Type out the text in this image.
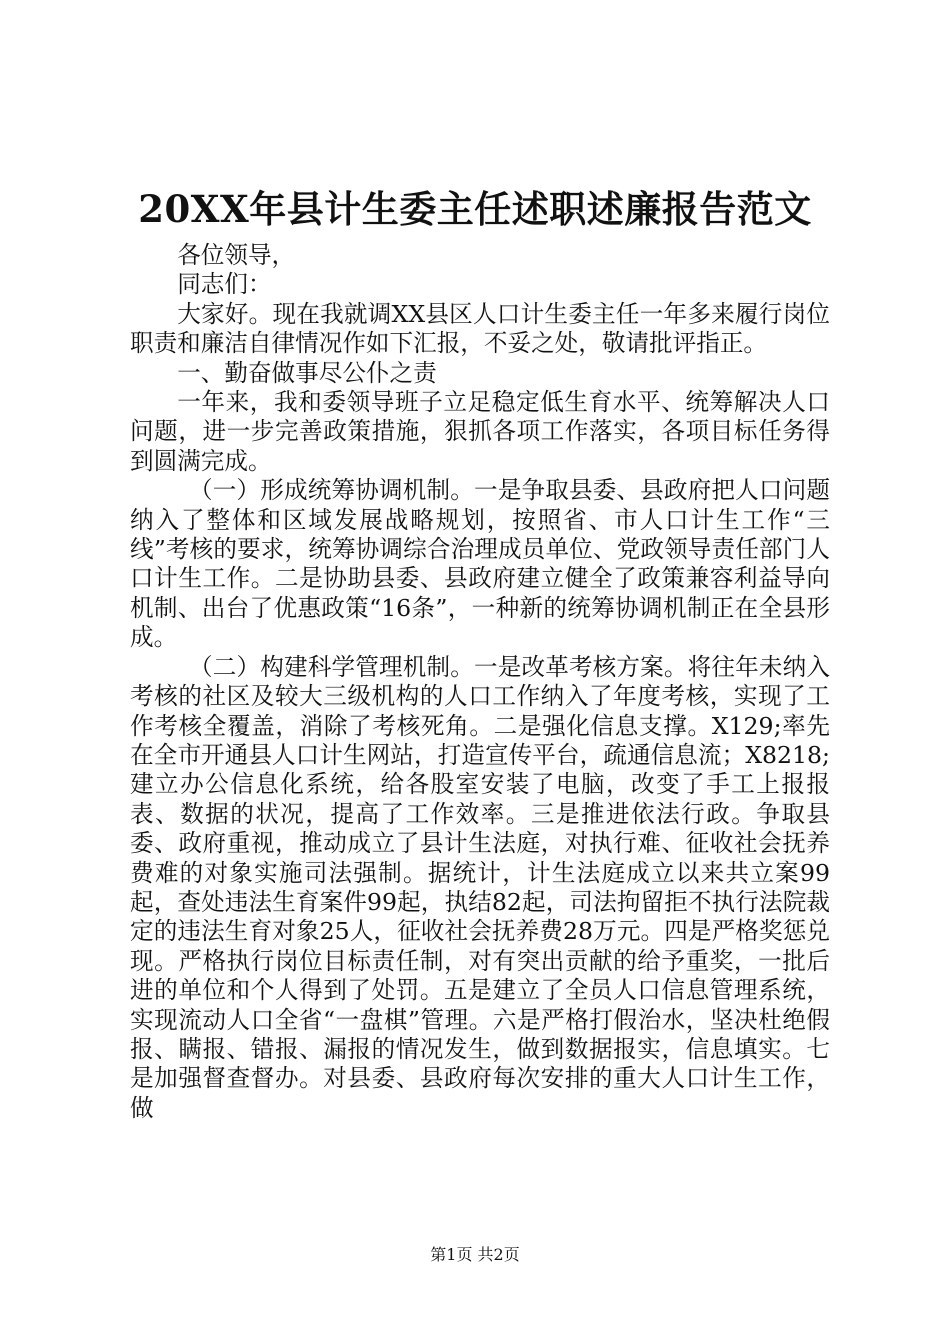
20XX年县计生委主任述职述廉报告范文

各位领导，

同志们：

大家好。现在我就调XX县区人口计生委主任一年多来履行岗位职责和廉洁自律情况作如下汇报，不妥之处，敬请批评指正。

一、勤奋做事尽公仆之责

一年来，我和委领导班子立足稳定低生育水平、统筹解决人口问题，进一步完善政策措施，狠抓各项工作落实，各项目标任务得到圆满完成。

（一）形成统筹协调机制。一是争取县委、县政府把人口问题纳入了整体和区域发展战略规划，按照省、市人口计生工作“三线”考核的要求，统筹协调综合治理成员单位、党政领导责任部门人口计生工作。二是协助县委、县政府建立健全了政策兼容利益导向机制、出台了优惠政策“16条”，一种新的统筹协调机制正在全县形成。

（二）构建科学管理机制。一是改革考核方案。将往年未纳入考核的社区及较大三级机构的人口工作纳入了年度考核，实现了工作考核全覆盖，消除了考核死角。二是强化信息支撑。X129;率先在全市开通县人口计生网站，打造宣传平台，疏通信息流；X8218;建立办公信息化系统，给各股室安装了电脑，改变了手工上报报表、数据的状况，提高了工作效率。三是推进依法行政。争取县委、政府重视，推动成立了县计生法庭，对执行难、征收社会抚养费难的对象实施司法强制。据统计，计生法庭成立以来共立案99起，查处违法生育案件99起，执结82起，司法拘留拒不执行法院裁定的违法生育对象25人，征收社会抚养费28万元。四是严格奖惩兑现。严格执行岗位目标责任制，对有突出贡献的给予重奖，一批后进的单位和个人得到了处罚。五是建立了全员人口信息管理系统，实现流动人口全省“一盘棋”管理。六是严格打假治水，坚决杜绝假报、瞒报、错报、漏报的情况发生，做到数据报实，信息填实。七是加强督查督办。对县委、县政府每次安排的重大人口计生工作，做

第1页 共2页
